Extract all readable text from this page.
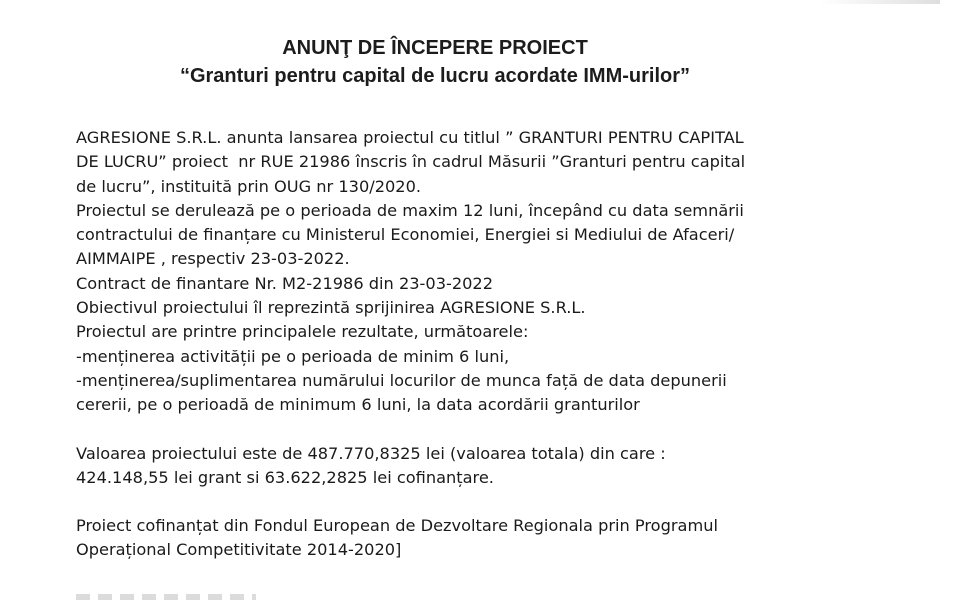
ANUNŢ DE ÎNCEPERE PROIECT
“Granturi pentru capital de lucru acordate IMM-urilor”

AGRESIONE S.R.L. anunta lansarea proiectul cu titlul ” GRANTURI PENTRU CAPITAL

DE LUCRU” proiect  nr RUE 21986 înscris în cadrul Măsurii ”Granturi pentru capital

de lucru”, instituită prin OUG nr 130/2020.

Proiectul se derulează pe o perioada de maxim 12 luni, începând cu data semnării

contractului de finanțare cu Ministerul Economiei, Energiei si Mediului de Afaceri/

AIMMAIPE , respectiv 23-03-2022.

Contract de finantare Nr. M2-21986 din 23-03-2022

Obiectivul proiectului îl reprezintă sprijinirea AGRESIONE S.R.L.

Proiectul are printre principalele rezultate, următoarele:

-menținerea activității pe o perioada de minim 6 luni,

-menținerea/suplimentarea numărului locurilor de munca față de data depunerii

cererii, pe o perioadă de minimum 6 luni, la data acordării granturilor

Valoarea proiectului este de 487.770,8325 lei (valoarea totala) din care :

424.148,55 lei grant si 63.622,2825 lei cofinanțare.

Proiect cofinanțat din Fondul European de Dezvoltare Regionala prin Programul

Operațional Competitivitate 2014-2020]
